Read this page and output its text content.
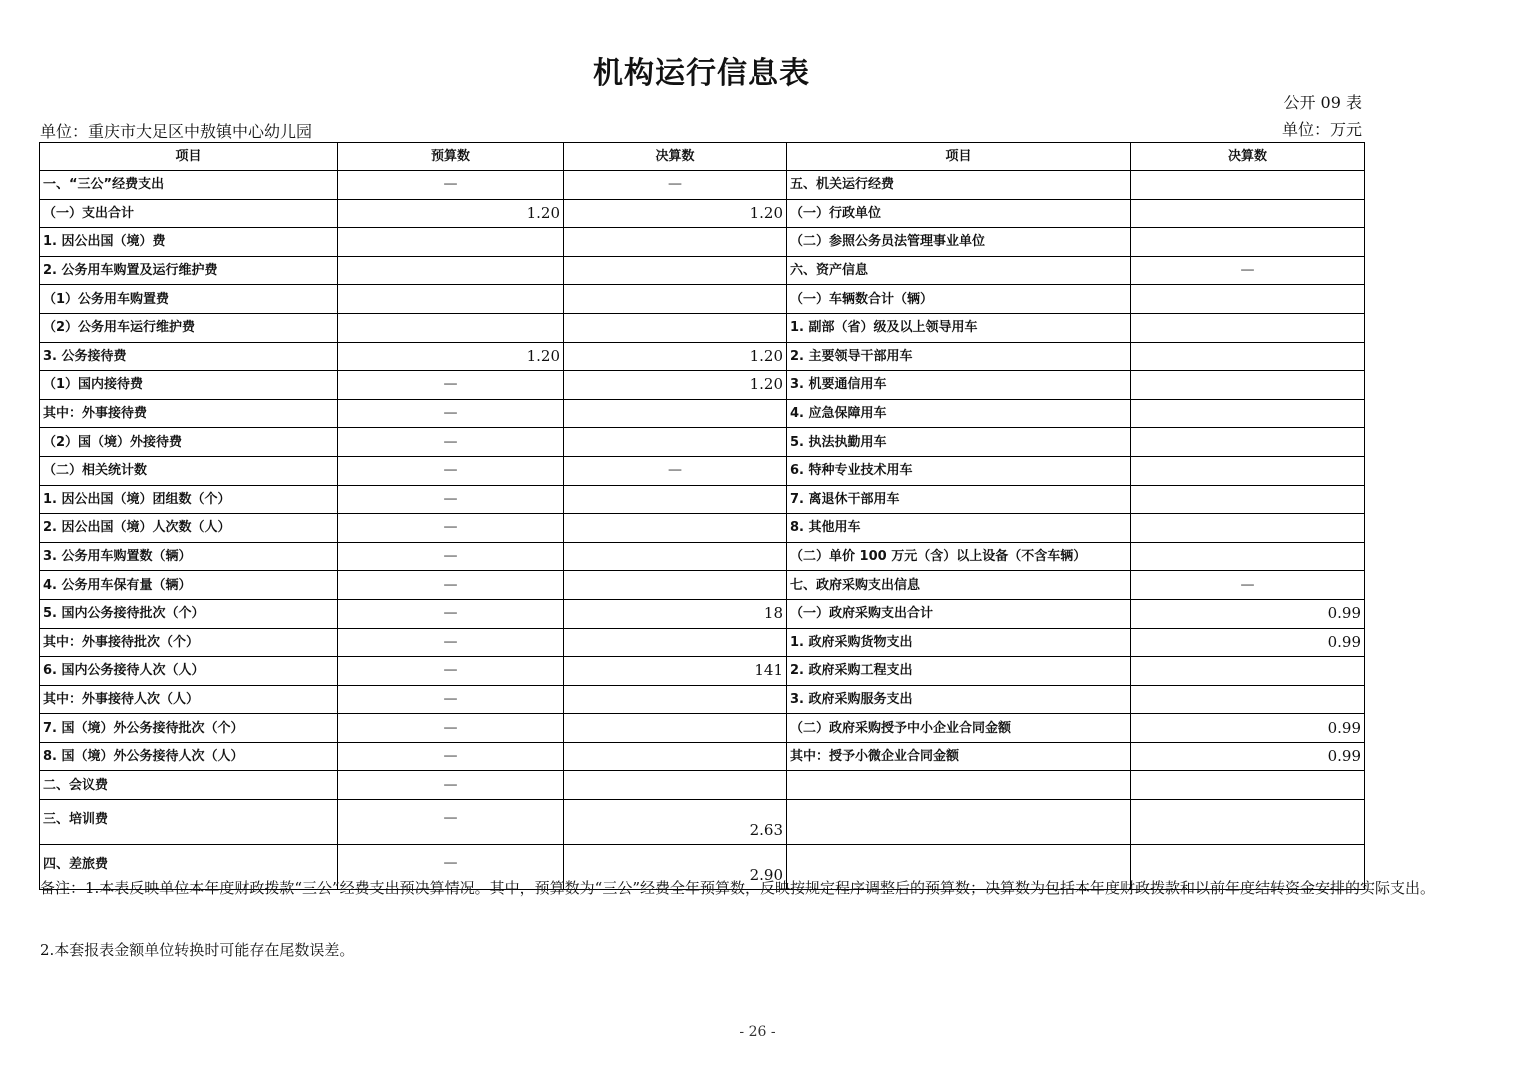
机构运行信息表
公开 09 表
单位：重庆市大足区中敖镇中心幼儿园	单位：万元
项目	预算数	决算数	项目	决算数
一、“三公”经费支出	—	—	五、机关运行经费	
（一）支出合计	1.20	1.20	（一）行政单位	
1. 因公出国（境）费			（二）参照公务员法管理事业单位	
2. 公务用车购置及运行维护费			六、资产信息	—
（1）公务用车购置费			（一）车辆数合计（辆）	
（2）公务用车运行维护费			1. 副部（省）级及以上领导用车	
3. 公务接待费	1.20	1.20	2. 主要领导干部用车	
（1）国内接待费	—	1.20	3. 机要通信用车	
其中：外事接待费	—		4. 应急保障用车	
（2）国（境）外接待费	—		5. 执法执勤用车	
（二）相关统计数	—	—	6. 特种专业技术用车	
1. 因公出国（境）团组数（个）	—		7. 离退休干部用车	
2. 因公出国（境）人次数（人）	—		8. 其他用车	
3. 公务用车购置数（辆）	—		（二）单价 100 万元（含）以上设备（不含车辆）	
4. 公务用车保有量（辆）	—		七、政府采购支出信息	—
5. 国内公务接待批次（个）	—	18	（一）政府采购支出合计	0.99
其中：外事接待批次（个）	—		1. 政府采购货物支出	0.99
6. 国内公务接待人次（人）	—	141	2. 政府采购工程支出	
其中：外事接待人次（人）	—		3. 政府采购服务支出	
7. 国（境）外公务接待批次（个）	—		（二）政府采购授予中小企业合同金额	0.99
8. 国（境）外公务接待人次（人）	—		其中：授予小微企业合同金额	0.99
二、会议费	—			
三、培训费	—	2.63		
四、差旅费	—	2.90		
备注：1.本表反映单位本年度财政拨款“三公”经费支出预决算情况。其中，预算数为“三公”经费全年预算数，反映按规定程序调整后的预算数；决算数为包括本年度财政拨款和以前年度结转资金安排的实际支出。
2.本套报表金额单位转换时可能存在尾数误差。
- 26 -
